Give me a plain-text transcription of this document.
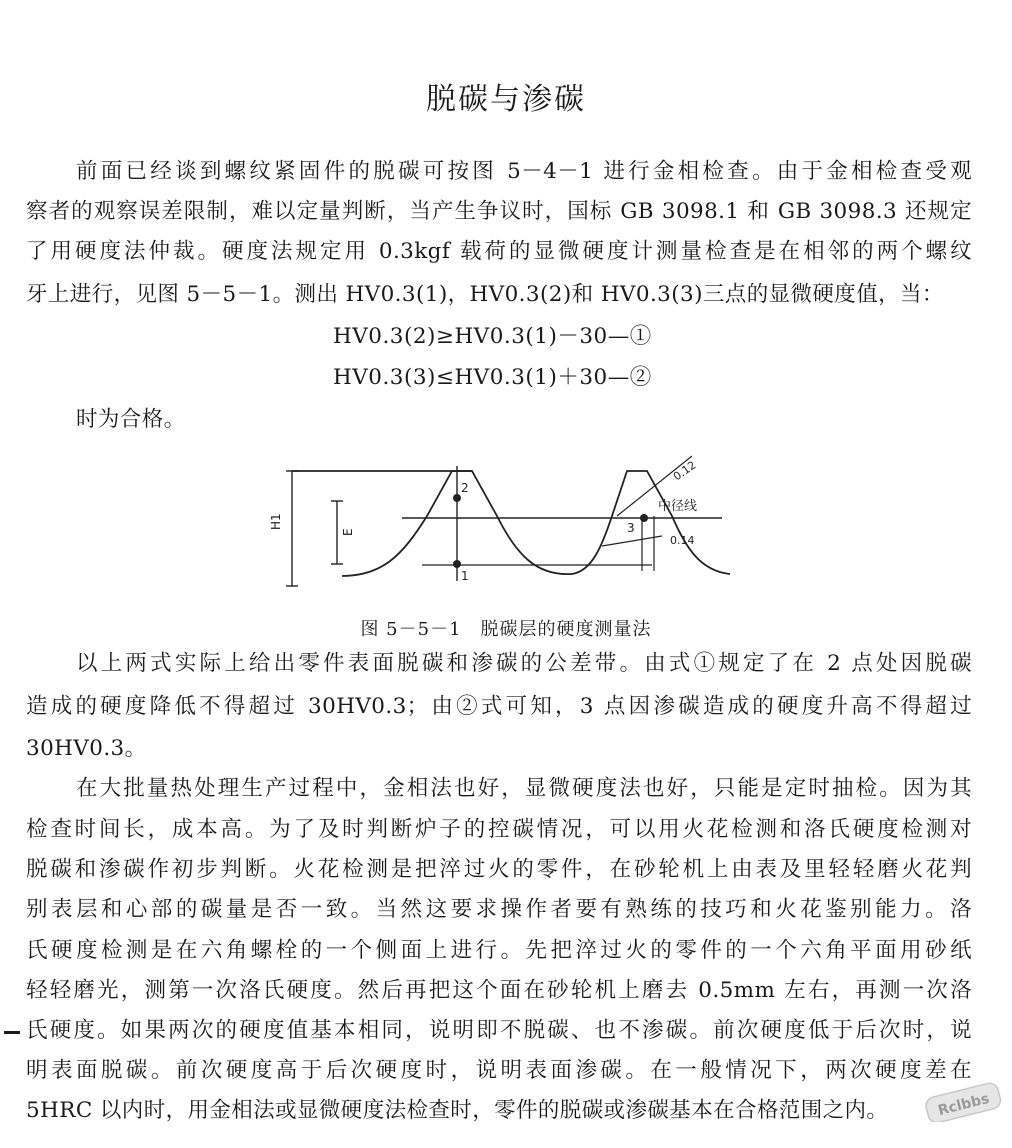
脱碳与渗碳
前面已经谈到螺纹紧固件的脱碳可按图 5－4－1 进行金相检查。由于金相检查受观
察者的观察误差限制，难以定量判断，当产生争议时，国标 GB 3098.1 和 GB 3098.3 还规定
了用硬度法仲裁。硬度法规定用 0.3kgf 载荷的显微硬度计测量检查是在相邻的两个螺纹
牙上进行，见图 5－5－1。测出 HV0.3(1)，HV0.3(2)和 HV0.3(3)三点的显微硬度值，当：
HV0.3(2)≥HV0.3(1)－30—①
HV0.3(3)≤HV0.3(1)＋30—②
时为合格。
H1
E
2
1
3
中径线
0.12
0.14
图 5－5－1　脱碳层的硬度测量法
以上两式实际上给出零件表面脱碳和渗碳的公差带。由式①规定了在 2 点处因脱碳
造成的硬度降低不得超过 30HV0.3；由②式可知，3 点因渗碳造成的硬度升高不得超过
30HV0.3。
在大批量热处理生产过程中，金相法也好，显微硬度法也好，只能是定时抽检。因为其
检查时间长，成本高。为了及时判断炉子的控碳情况，可以用火花检测和洛氏硬度检测对
脱碳和渗碳作初步判断。火花检测是把淬过火的零件，在砂轮机上由表及里轻轻磨火花判
别表层和心部的碳量是否一致。当然这要求操作者要有熟练的技巧和火花鉴别能力。洛
氏硬度检测是在六角螺栓的一个侧面上进行。先把淬过火的零件的一个六角平面用砂纸
轻轻磨光，测第一次洛氏硬度。然后再把这个面在砂轮机上磨去 0.5mm 左右，再测一次洛
氏硬度。如果两次的硬度值基本相同，说明即不脱碳、也不渗碳。前次硬度低于后次时，说
明表面脱碳。前次硬度高于后次硬度时，说明表面渗碳。在一般情况下，两次硬度差在
5HRC 以内时，用金相法或显微硬度法检查时，零件的脱碳或渗碳基本在合格范围之内。	Rclbbs
